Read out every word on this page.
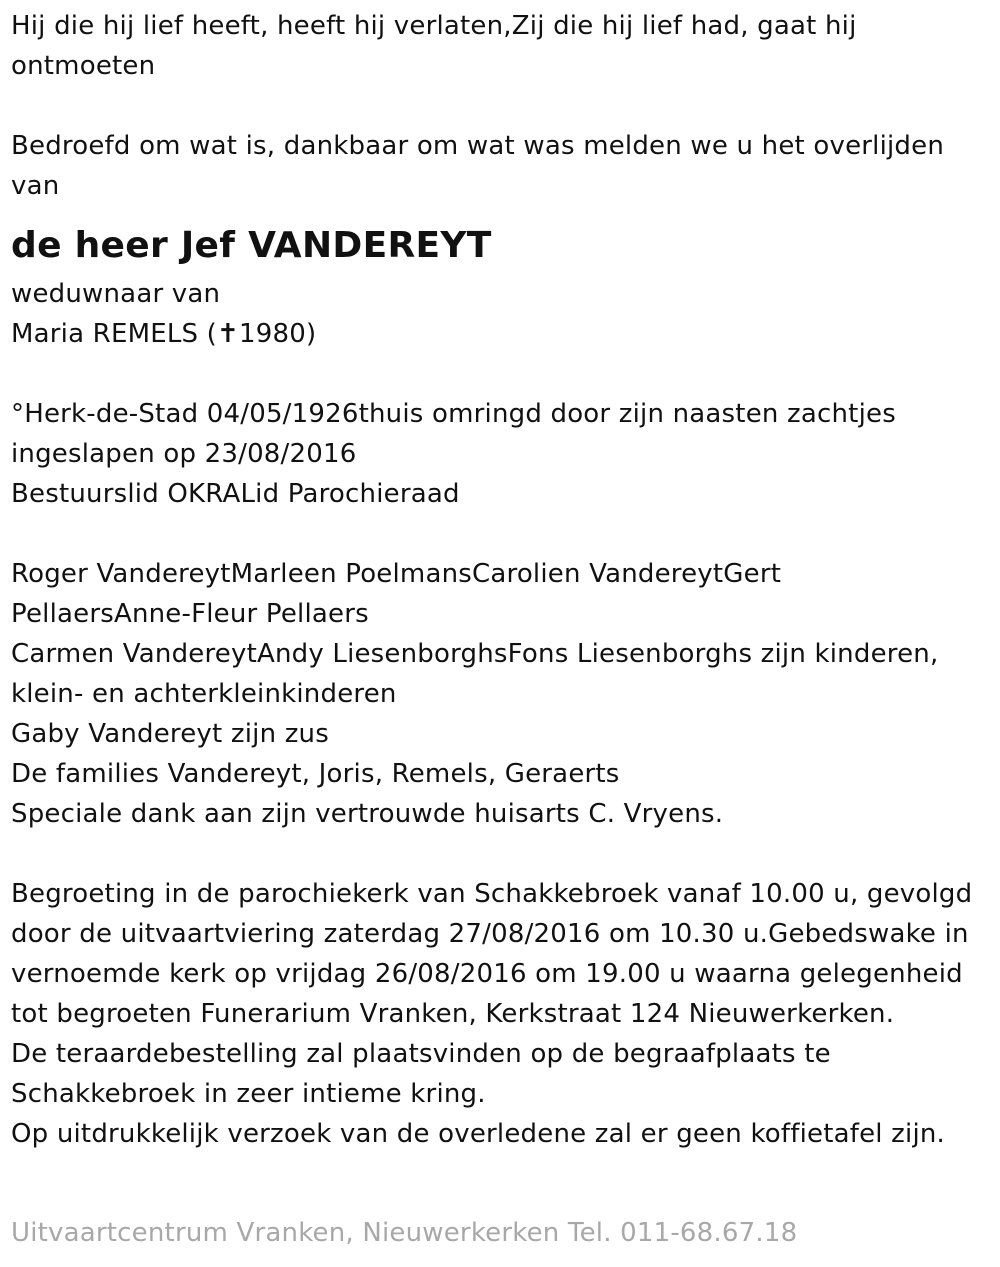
Hij die hij lief heeft, heeft hij verlaten,Zij die hij lief had, gaat hij
ontmoeten
Bedroefd om wat is, dankbaar om wat was melden we u het overlijden
van
de heer Jef VANDEREYT
weduwnaar van
Maria REMELS (✝1980)
°Herk-de-Stad 04/05/1926thuis omringd door zijn naasten zachtjes
ingeslapen op 23/08/2016
Bestuurslid OKRALid Parochieraad
Roger VandereytMarleen PoelmansCarolien VandereytGert
PellaersAnne-Fleur Pellaers
Carmen VandereytAndy LiesenborghsFons Liesenborghs zijn kinderen,
klein- en achterkleinkinderen
Gaby Vandereyt zijn zus
De families Vandereyt, Joris, Remels, Geraerts
Speciale dank aan zijn vertrouwde huisarts C. Vryens.
Begroeting in de parochiekerk van Schakkebroek vanaf 10.00 u, gevolgd
door de uitvaartviering zaterdag 27/08/2016 om 10.30 u.Gebedswake in
vernoemde kerk op vrijdag 26/08/2016 om 19.00 u waarna gelegenheid
tot begroeten Funerarium Vranken, Kerkstraat 124 Nieuwerkerken.
De teraardebestelling zal plaatsvinden op de begraafplaats te
Schakkebroek in zeer intieme kring.
Op uitdrukkelijk verzoek van de overledene zal er geen koffietafel zijn.
Uitvaartcentrum Vranken, Nieuwerkerken Tel. 011-68.67.18
